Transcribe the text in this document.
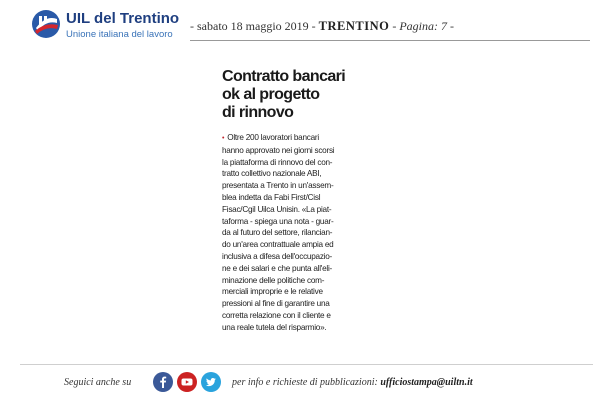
UIL del Trentino
Unione italiana del lavoro
- sabato 18 maggio 2019 - TRENTINO - Pagina: 7 -
Contratto bancari
ok al progetto
di rinnovo
• Oltre 200 lavoratori bancari
hanno approvato nei giorni scorsi
la piattaforma di rinnovo del con-
tratto collettivo nazionale ABI,
presentata a Trento in un'assem-
blea indetta da Fabi First/Cisl
Fisac/Cgil Uilca Unisin. «La piat-
taforma - spiega una nota - guar-
da al futuro del settore, rilancian-
do un'area contrattuale ampia ed
inclusiva a difesa dell'occupazio-
ne e dei salari e che punta all'eli-
minazione delle politiche com-
merciali improprie e le relative
pressioni al fine di garantire una
corretta relazione con il cliente e
una reale tutela del risparmio».
Seguici anche su	per info e richieste di pubblicazioni: ufficiostampa@uiltn.it
